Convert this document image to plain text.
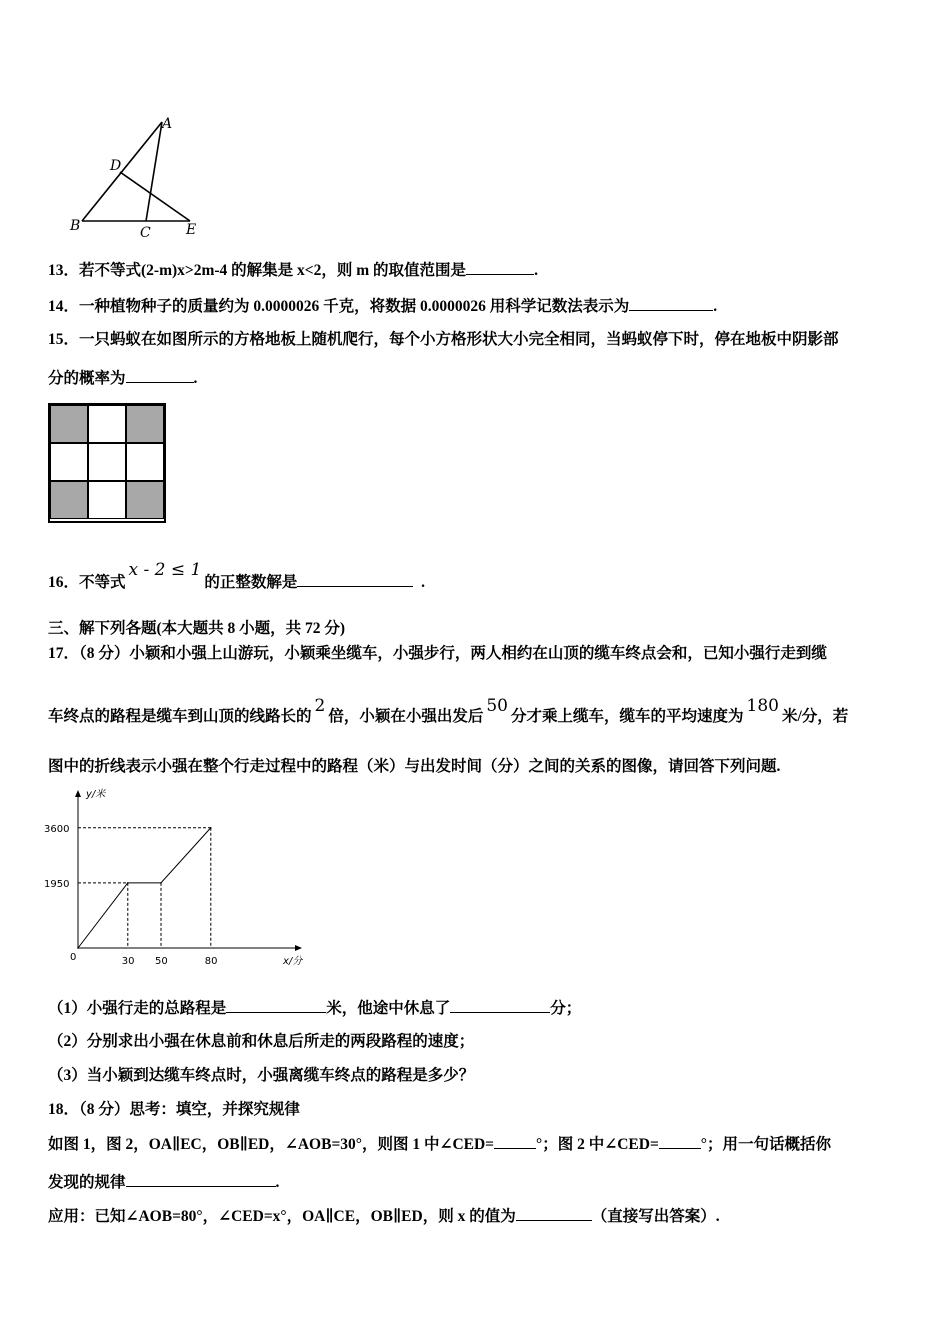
A
D
B	C	E
13．若不等式(2-m)x>2m-4 的解集是 x<2，则 m 的取值范围是	.
14．一种植物种子的质量约为 0.0000026 千克，将数据 0.0000026 用科学记数法表示为	.
15．一只蚂蚁在如图所示的方格地板上随机爬行，每个小方格形状大小完全相同，当蚂蚁停下时，停在地板中阴影部
分的概率为	.
16．不等式x - 2 ≤ 1的正整数解是	.
三、解下列各题(本大题共 8 小题，共 72 分)
17．（8 分）小颖和小强上山游玩，小颖乘坐缆车，小强步行，两人相约在山顶的缆车终点会和，已知小强行走到缆
车终点的路程是缆车到山顶的线路长的2倍，小颖在小强出发后50分才乘上缆车，缆车的平均速度为180米/分，若
图中的折线表示小强在整个行走过程中的路程（米）与出发时间（分）之间的关系的图像，请回答下列问题.
y/米
x/分
0	30 50	80
1950
3600
（1）小强行走的总路程是	米，他途中休息了	分；
（2）分别求出小强在休息前和休息后所走的两段路程的速度；
（3）当小颖到达缆车终点时，小强离缆车终点的路程是多少？
18．（8 分）思考：填空，并探究规律
如图 1，图 2，OA∥EC，OB∥ED，∠AOB=30°，则图 1 中∠CED=	°；图 2 中∠CED=	°；用一句话概括你
发现的规律	.
应用：已知∠AOB=80°，∠CED=x°，OA∥CE，OB∥ED，则 x 的值为	（直接写出答案）.
